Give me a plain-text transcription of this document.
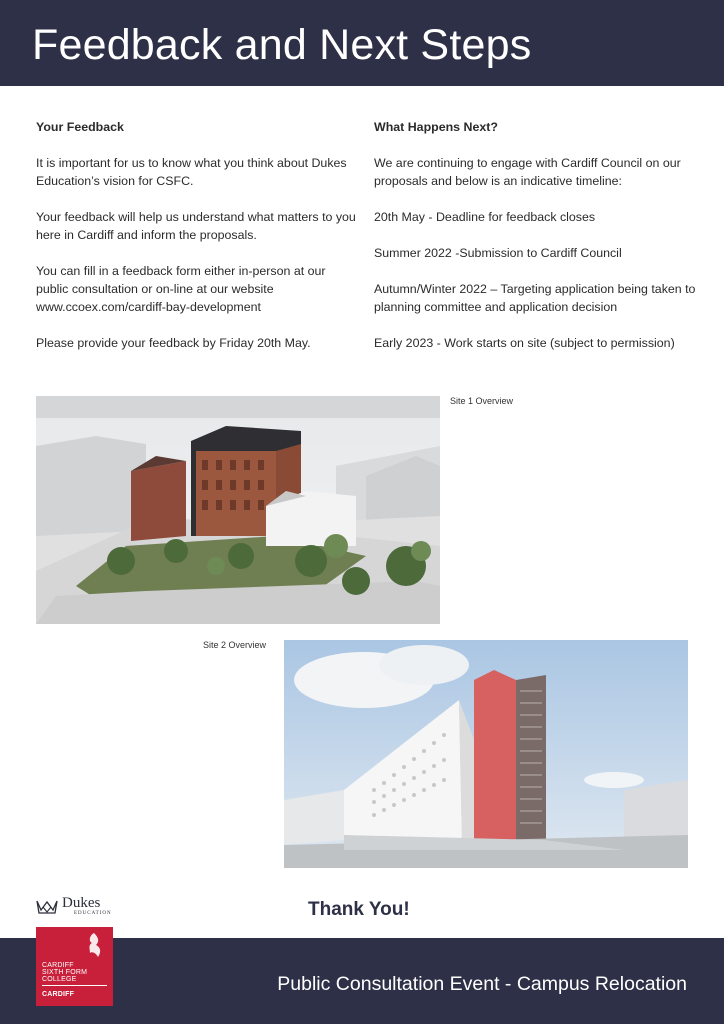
Feedback and Next Steps
Your Feedback

It is important for us to know what you think about Dukes Education’s vision for CSFC.

Your feedback will help us understand what matters to you here in Cardiff and inform the proposals.

You can fill in a feedback form either in-person at our public consultation or on-line at our website www.ccoex.com/cardiff-bay-development

Please provide your feedback by Friday 20th May.

What Happens Next?

We are continuing to engage with Cardiff Council on our proposals and below is an indicative timeline:

20th May - Deadline for feedback closes

Summer 2022 -Submission to Cardiff Council

Autumn/Winter 2022 – Targeting application being taken to planning committee and application decision

Early 2023 - Work starts on site (subject to permission)

Site 1 Overview
Site 2 Overview
Dukes
EDUCATION	Thank You!
Public Consultation Event - Campus Relocation
CARDIFF
SIXTH FORM
COLLEGE
CARDIFF
